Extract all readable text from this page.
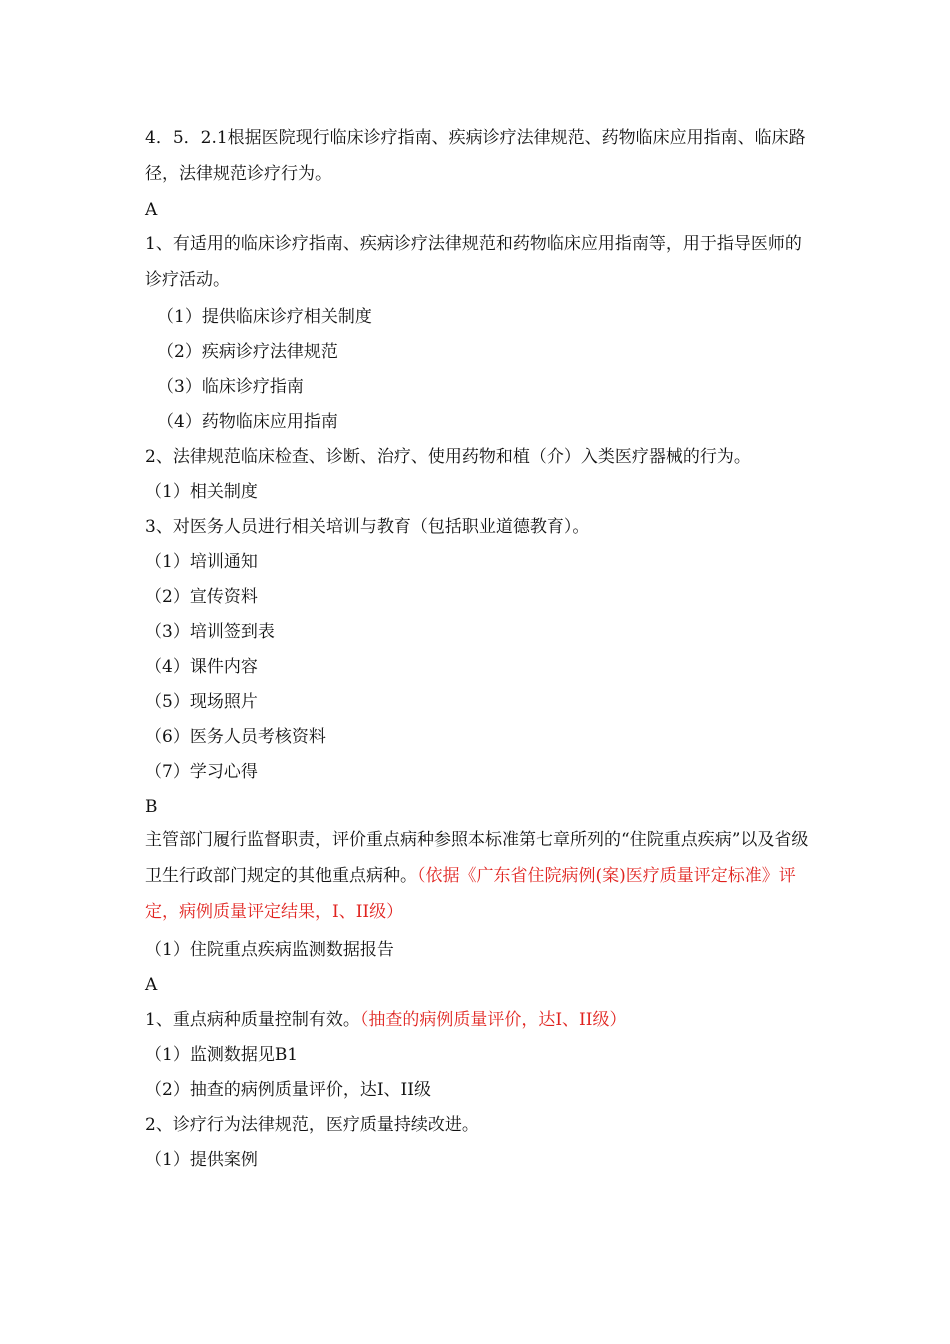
4．5．2.1根据医院现行临床诊疗指南、疾病诊疗法律规范、药物临床应用指南、临床路径，法律规范诊疗行为。

A

1、有适用的临床诊疗指南、疾病诊疗法律规范和药物临床应用指南等，用于指导医师的诊疗活动。

（1）提供临床诊疗相关制度

（2）疾病诊疗法律规范

（3）临床诊疗指南

（4）药物临床应用指南

2、法律规范临床检查、诊断、治疗、使用药物和植（介）入类医疗器械的行为。

（1）相关制度

3、对医务人员进行相关培训与教育（包括职业道德教育）。

（1）培训通知

（2）宣传资料

（3）培训签到表

（4）课件内容

（5）现场照片

（6）医务人员考核资料

（7）学习心得

B

主管部门履行监督职责，评价重点病种参照本标准第七章所列的“住院重点疾病”以及省级卫生行政部门规定的其他重点病种。（依据《广东省住院病例(案)医疗质量评定标准》评定，病例质量评定结果，I、II级）

（1）住院重点疾病监测数据报告

A

1、重点病种质量控制有效。（抽查的病例质量评价，达I、II级）

（1）监测数据见B1

（2）抽查的病例质量评价，达I、II级

2、诊疗行为法律规范，医疗质量持续改进。

（1）提供案例
